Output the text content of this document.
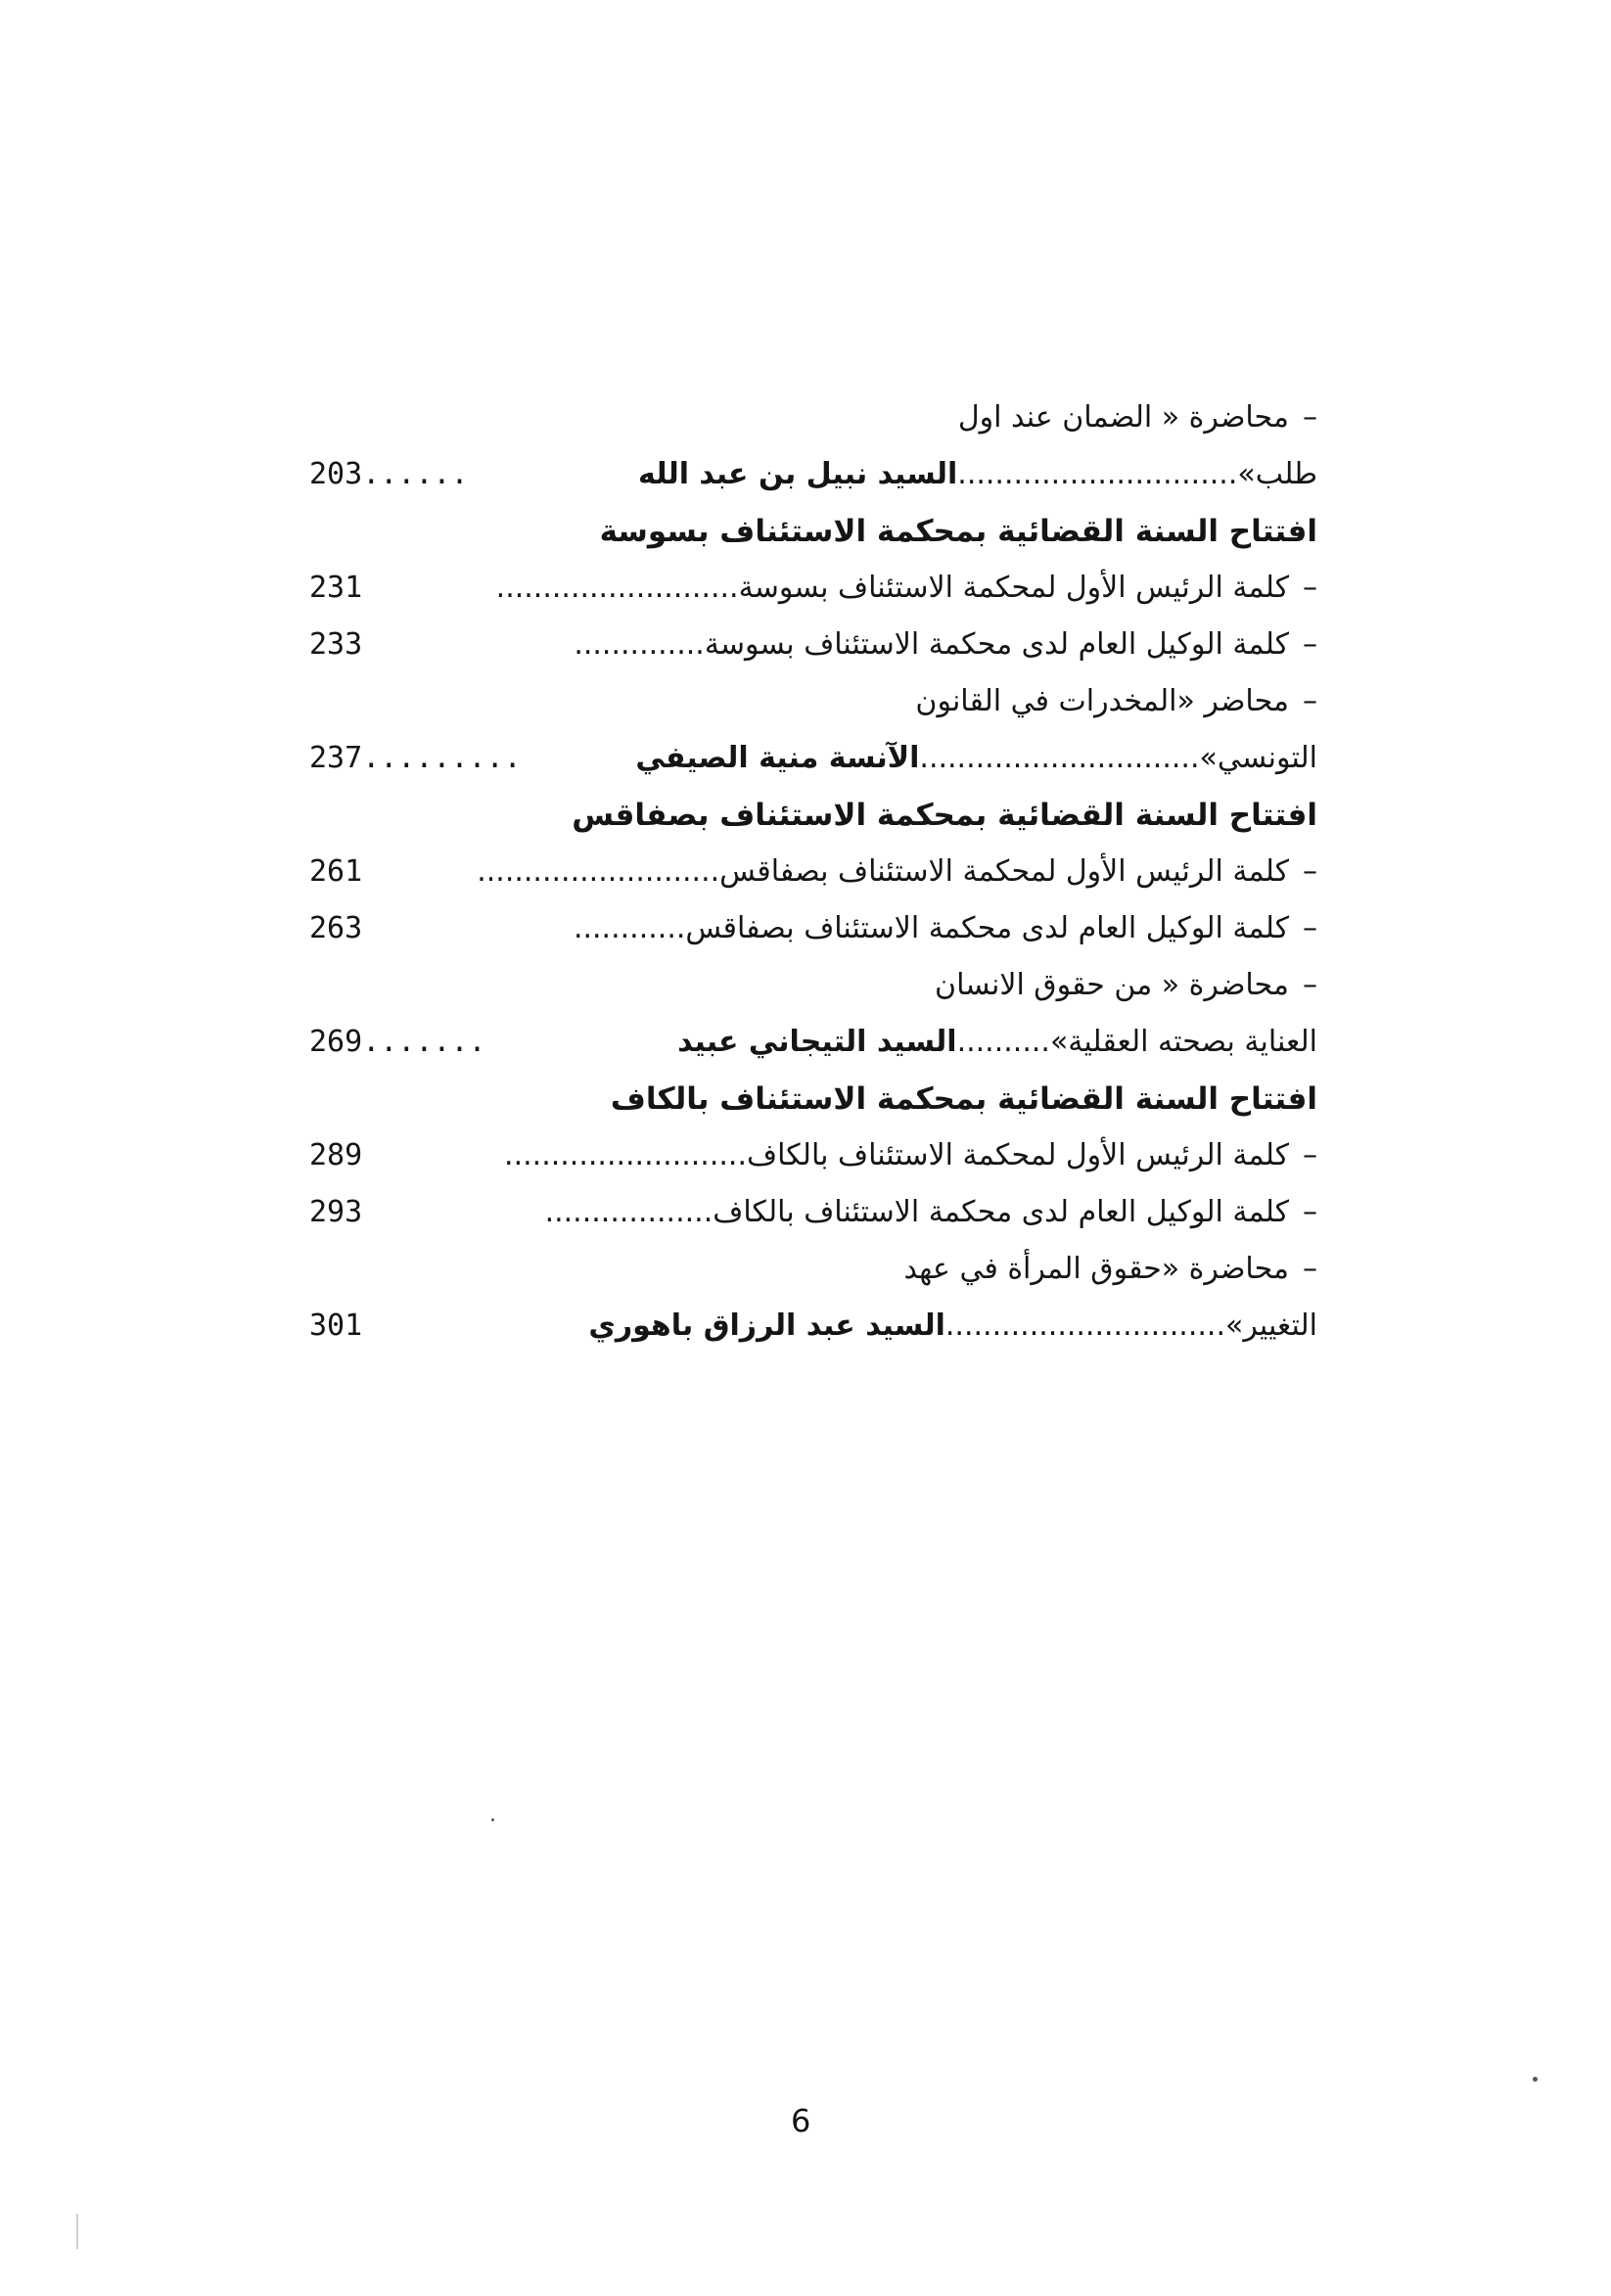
–محاضرة « الضمان عند اول
طلب»..............................السيد نبيل بن عبد الله
203......
افتتاح السنة القضائية بمحكمة الاستئناف بسوسة
–كلمة الرئيس الأول لمحكمة الاستئناف بسوسة..........................
231
–كلمة الوكيل العام لدى محكمة الاستئناف بسوسة..............
233
–محاضر «المخدرات في القانون
التونسي»..............................الآنسة منية الصيفي
237.........
افتتاح السنة القضائية بمحكمة الاستئناف بصفاقس
–كلمة الرئيس الأول لمحكمة الاستئناف بصفاقس..........................
261
–كلمة الوكيل العام لدى محكمة الاستئناف بصفاقس............
263
–محاضرة « من حقوق الانسان
العناية بصحته العقلية»..........السيد التيجاني عبيد
269.......
افتتاح السنة القضائية بمحكمة الاستئناف بالكاف
–كلمة الرئيس الأول لمحكمة الاستئناف بالكاف..........................
289
–كلمة الوكيل العام لدى محكمة الاستئناف بالكاف..................
293
–محاضرة «حقوق المرأة في عهد
التغيير»..............................السيد عبد الرزاق باهوري
301
6
